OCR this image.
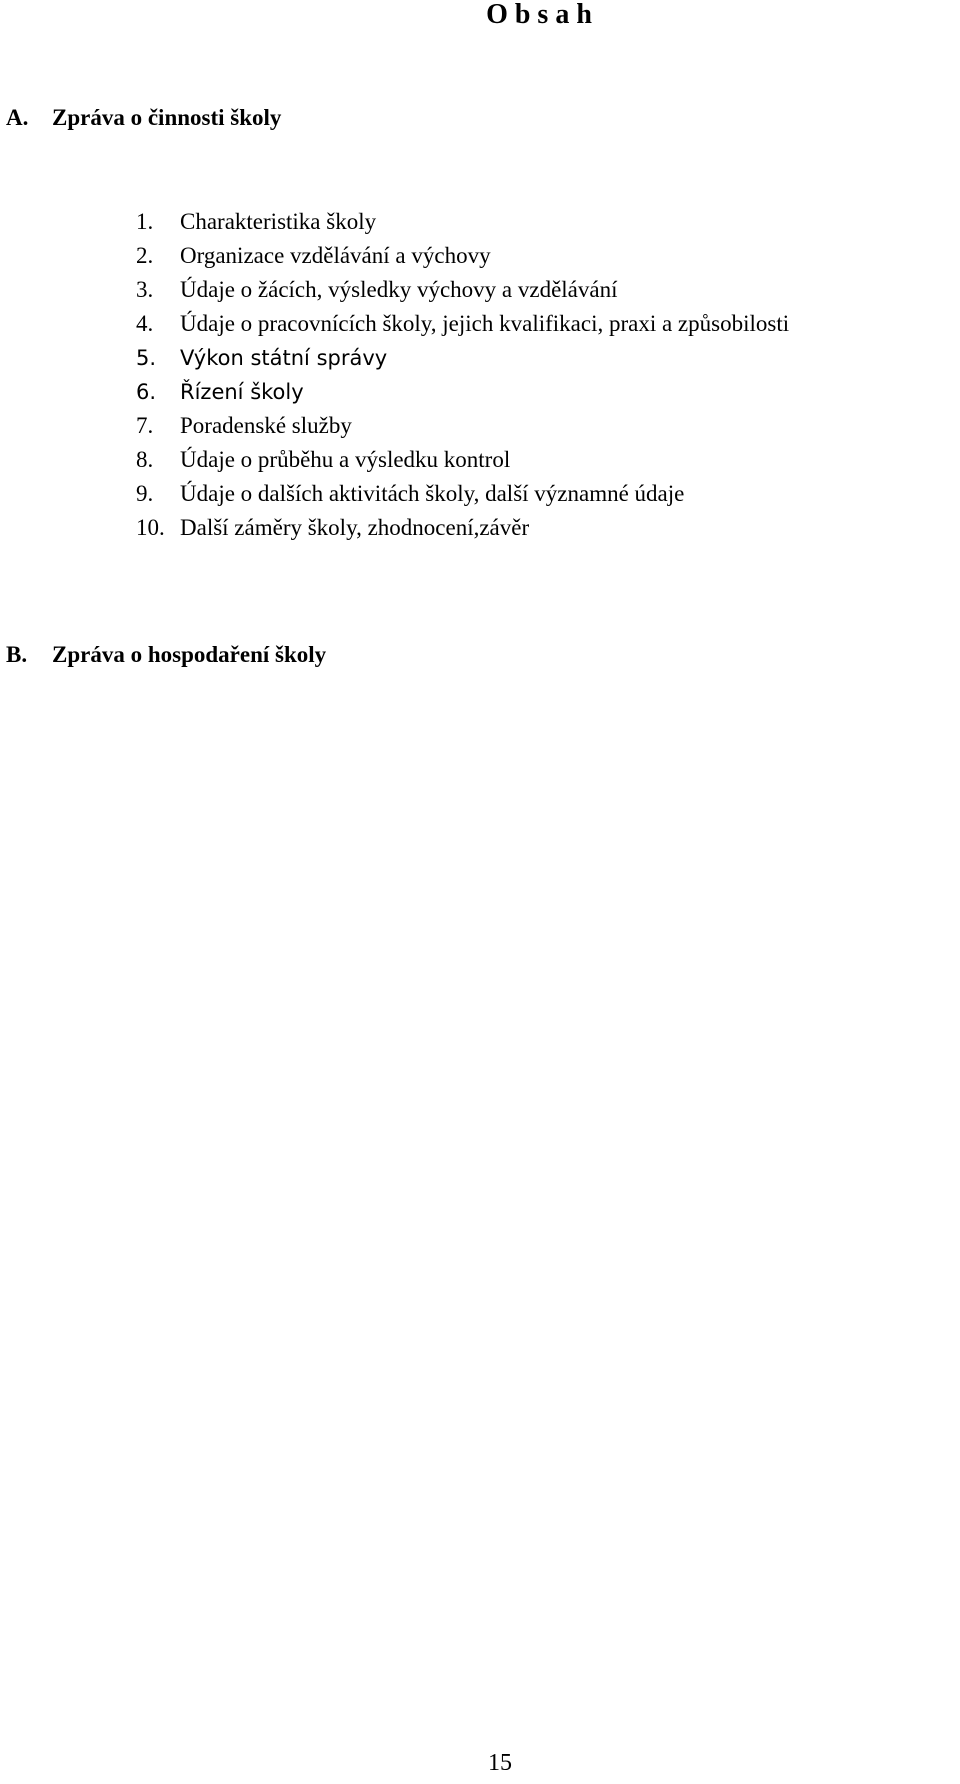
O b s a h
A. Zpráva o činnosti školy
1.	Charakteristika školy
2.	Organizace vzdělávání a výchovy
3.	Údaje o žácích, výsledky výchovy a vzdělávání
4.	Údaje o pracovnících školy, jejich kvalifikaci, praxi a způsobilosti
5.	Výkon státní správy
6.	Řízení školy
7.	Poradenské služby
8.	Údaje o průběhu a výsledku kontrol
9.	Údaje o dalších aktivitách školy, další významné údaje
10. Další záměry školy, zhodnocení,závěr
B. Zpráva o hospodaření školy
15
